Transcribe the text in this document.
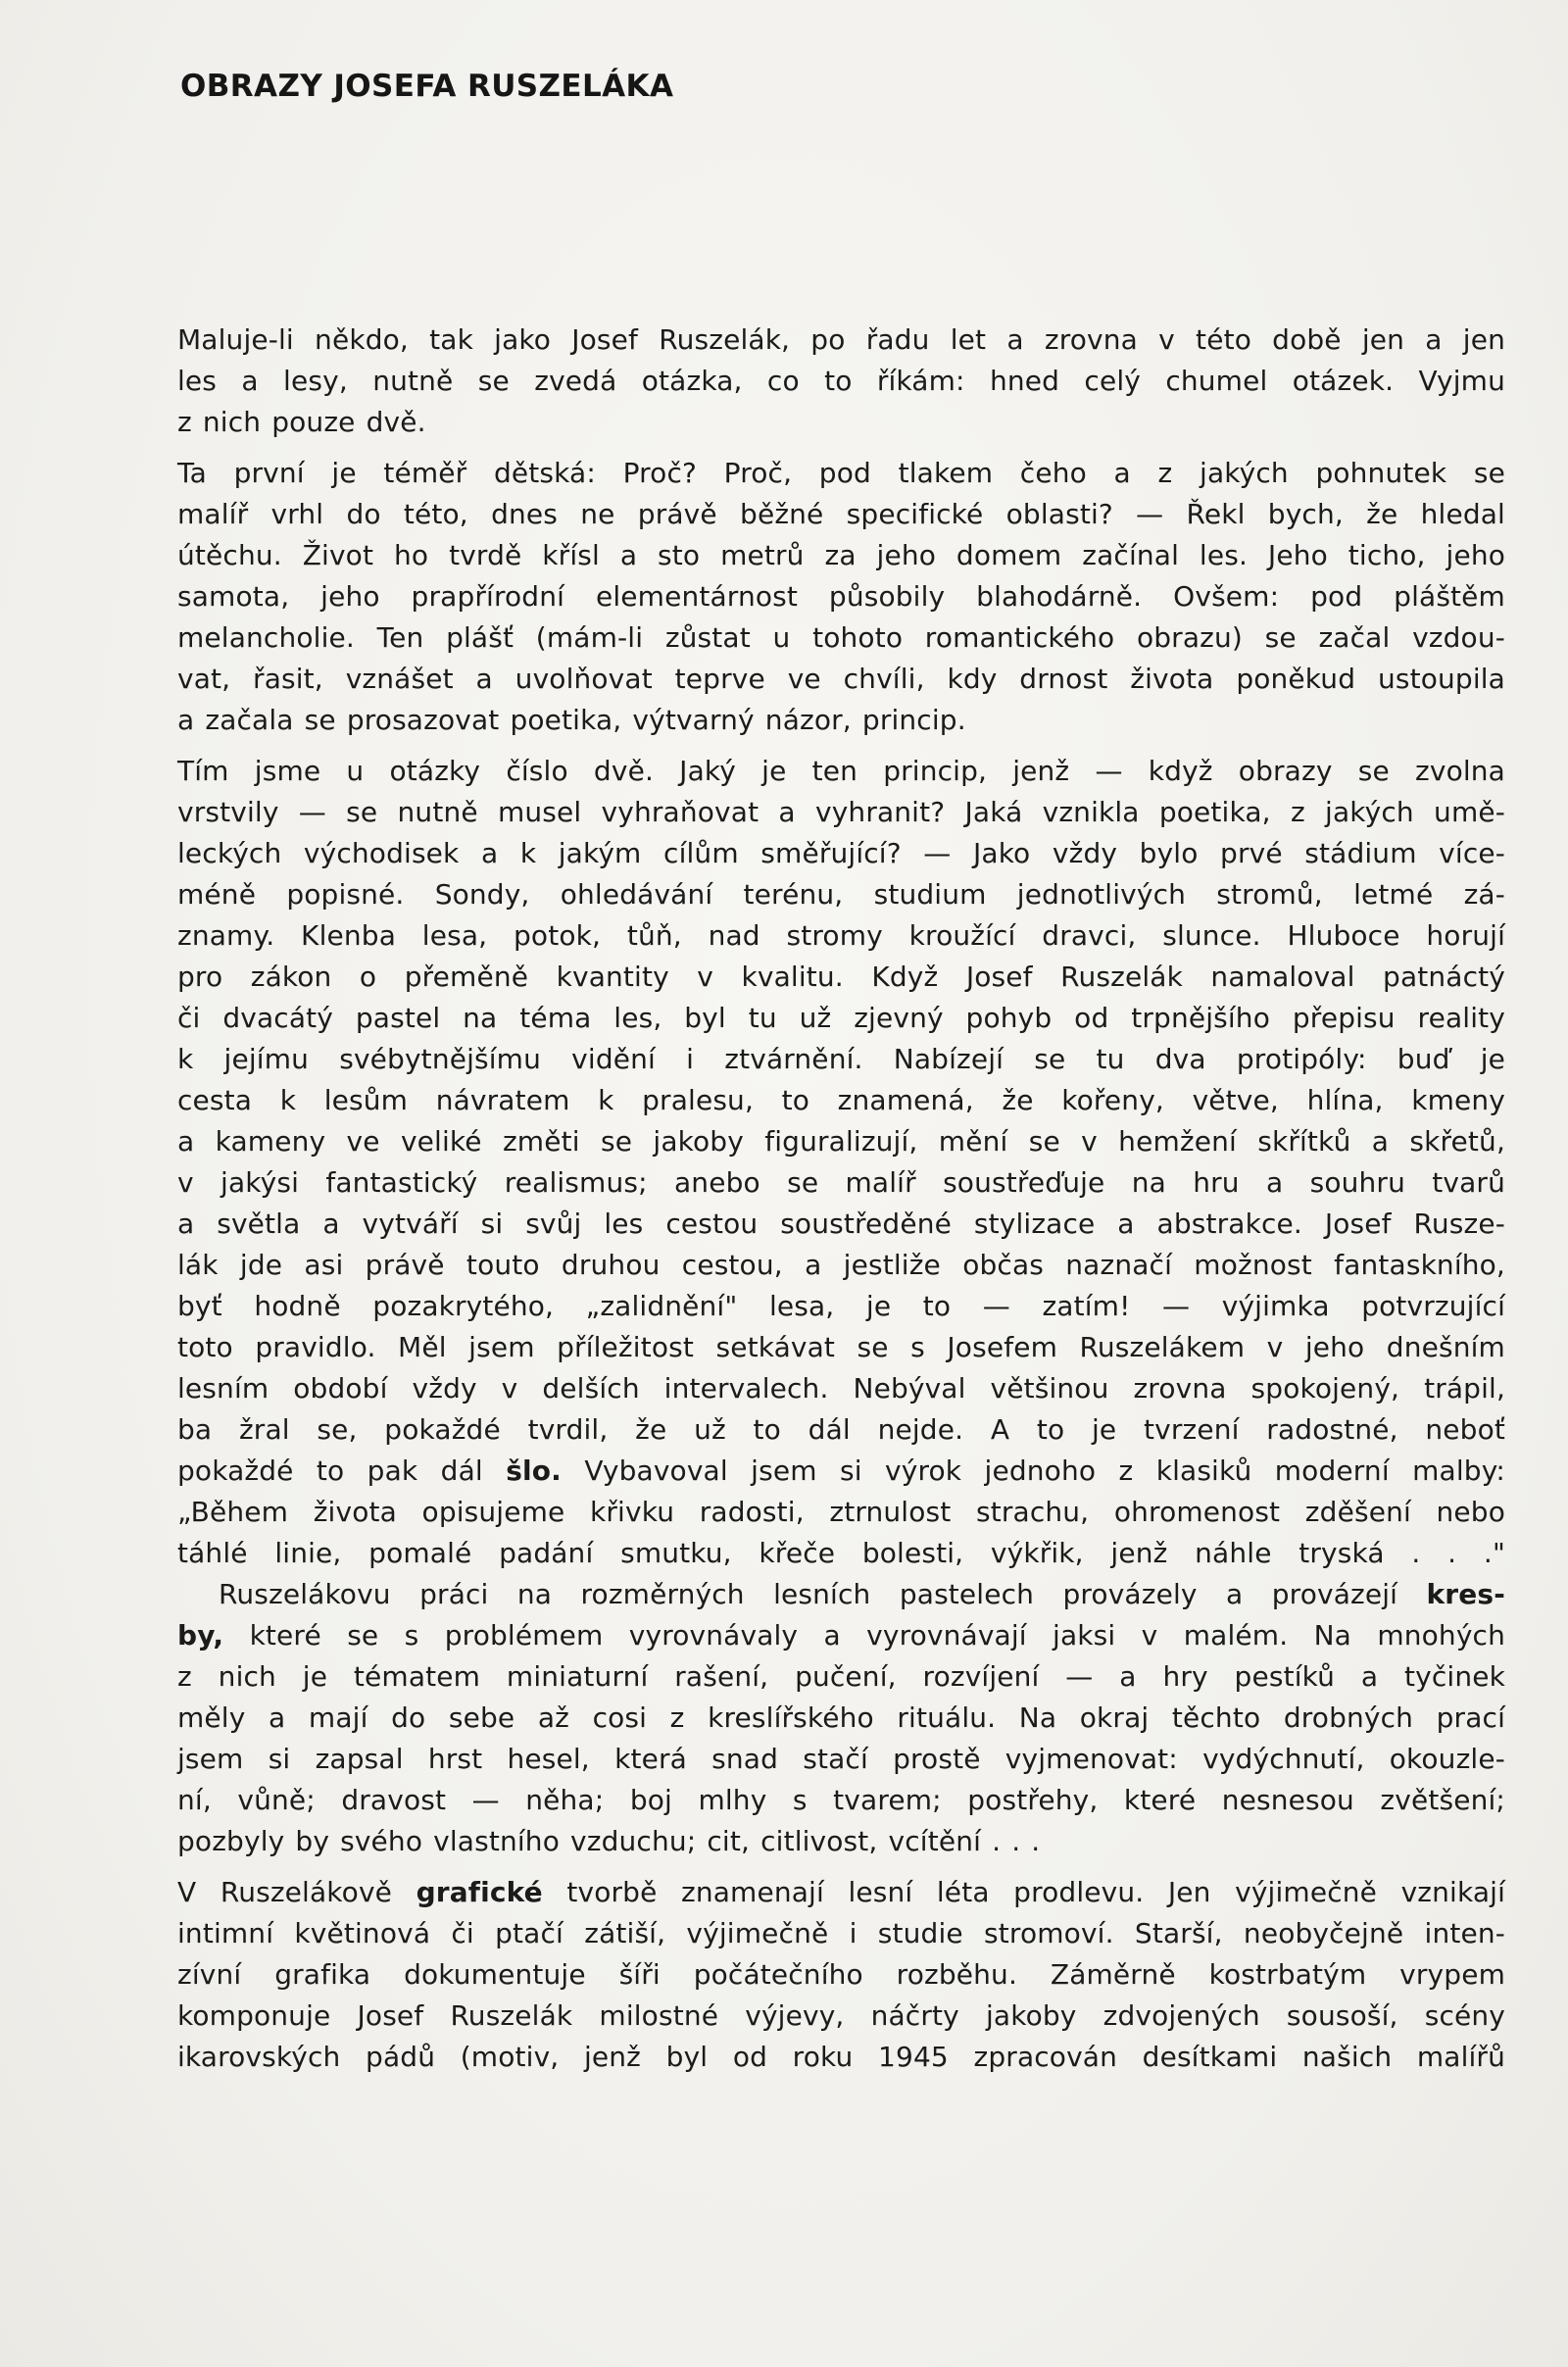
OBRAZY JOSEFA RUSZELÁKA

Maluje-li někdo, tak jako Josef Ruszelák, po řadu let a zrovna v této době jen a jen
les a lesy, nutně se zvedá otázka, co to říkám: hned celý chumel otázek. Vyjmu
z nich pouze dvě.

Ta první je téměř dětská: Proč? Proč, pod tlakem čeho a z jakých pohnutek se
malíř vrhl do této, dnes ne právě běžné specifické oblasti? — Řekl bych, že hledal
útěchu. Život ho tvrdě křísl a sto metrů za jeho domem začínal les. Jeho ticho, jeho
samota, jeho prapřírodní elementárnost působily blahodárně. Ovšem: pod pláštěm
melancholie. Ten plášť (mám-li zůstat u tohoto romantického obrazu) se začal vzdou-
vat, řasit, vznášet a uvolňovat teprve ve chvíli, kdy drnost života poněkud ustoupila
a začala se prosazovat poetika, výtvarný názor, princip.

Tím jsme u otázky číslo dvě. Jaký je ten princip, jenž — když obrazy se zvolna
vrstvily — se nutně musel vyhraňovat a vyhranit? Jaká vznikla poetika, z jakých umě-
leckých východisek a k jakým cílům směřující? — Jako vždy bylo prvé stádium více-
méně popisné. Sondy, ohledávání terénu, studium jednotlivých stromů, letmé zá-
znamy. Klenba lesa, potok, tůň, nad stromy kroužící dravci, slunce. Hluboce horují
pro zákon o přeměně kvantity v kvalitu. Když Josef Ruszelák namaloval patnáctý
či dvacátý pastel na téma les, byl tu už zjevný pohyb od trpnějšího přepisu reality
k jejímu svébytnějšímu vidění i ztvárnění. Nabízejí se tu dva protipóly: buď je
cesta k lesům návratem k pralesu, to znamená, že kořeny, větve, hlína, kmeny
a kameny ve veliké změti se jakoby figuralizují, mění se v hemžení skřítků a skřetů,
v jakýsi fantastický realismus; anebo se malíř soustřeďuje na hru a souhru tvarů
a světla a vytváří si svůj les cestou soustředěné stylizace a abstrakce. Josef Rusze-
lák jde asi právě touto druhou cestou, a jestliže občas naznačí možnost fantaskního,
byť hodně pozakrytého, „zalidnění" lesa, je to — zatím! — výjimka potvrzující
toto pravidlo. Měl jsem příležitost setkávat se s Josefem Ruszelákem v jeho dnešním
lesním období vždy v delších intervalech. Nebýval většinou zrovna spokojený, trápil,
ba žral se, pokaždé tvrdil, že už to dál nejde. A to je tvrzení radostné, neboť
pokaždé to pak dál šlo. Vybavoval jsem si výrok jednoho z klasiků moderní malby:
„Během života opisujeme křivku radosti, ztrnulost strachu, ohromenost zděšení nebo
táhlé linie, pomalé padání smutku, křeče bolesti, výkřik, jenž náhle tryská . . ."

Ruszelákovu práci na rozměrných lesních pastelech provázely a provázejí kres-
by, které se s problémem vyrovnávaly a vyrovnávají jaksi v malém. Na mnohých
z nich je tématem miniaturní rašení, pučení, rozvíjení — a hry pestíků a tyčinek
měly a mají do sebe až cosi z kreslířského rituálu. Na okraj těchto drobných prací
jsem si zapsal hrst hesel, která snad stačí prostě vyjmenovat: vydýchnutí, okouzle-
ní, vůně; dravost — něha; boj mlhy s tvarem; postřehy, které nesnesou zvětšení;
pozbyly by svého vlastního vzduchu; cit, citlivost, vcítění . . .

V Ruszelákově grafické tvorbě znamenají lesní léta prodlevu. Jen výjimečně vznikají
intimní květinová či ptačí zátiší, výjimečně i studie stromoví. Starší, neobyčejně inten-
zívní grafika dokumentuje šíři počátečního rozběhu. Záměrně kostrbatým vrypem
komponuje Josef Ruszelák milostné výjevy, náčrty jakoby zdvojených sousoší, scény
ikarovských pádů (motiv, jenž byl od roku 1945 zpracován desítkami našich malířů
